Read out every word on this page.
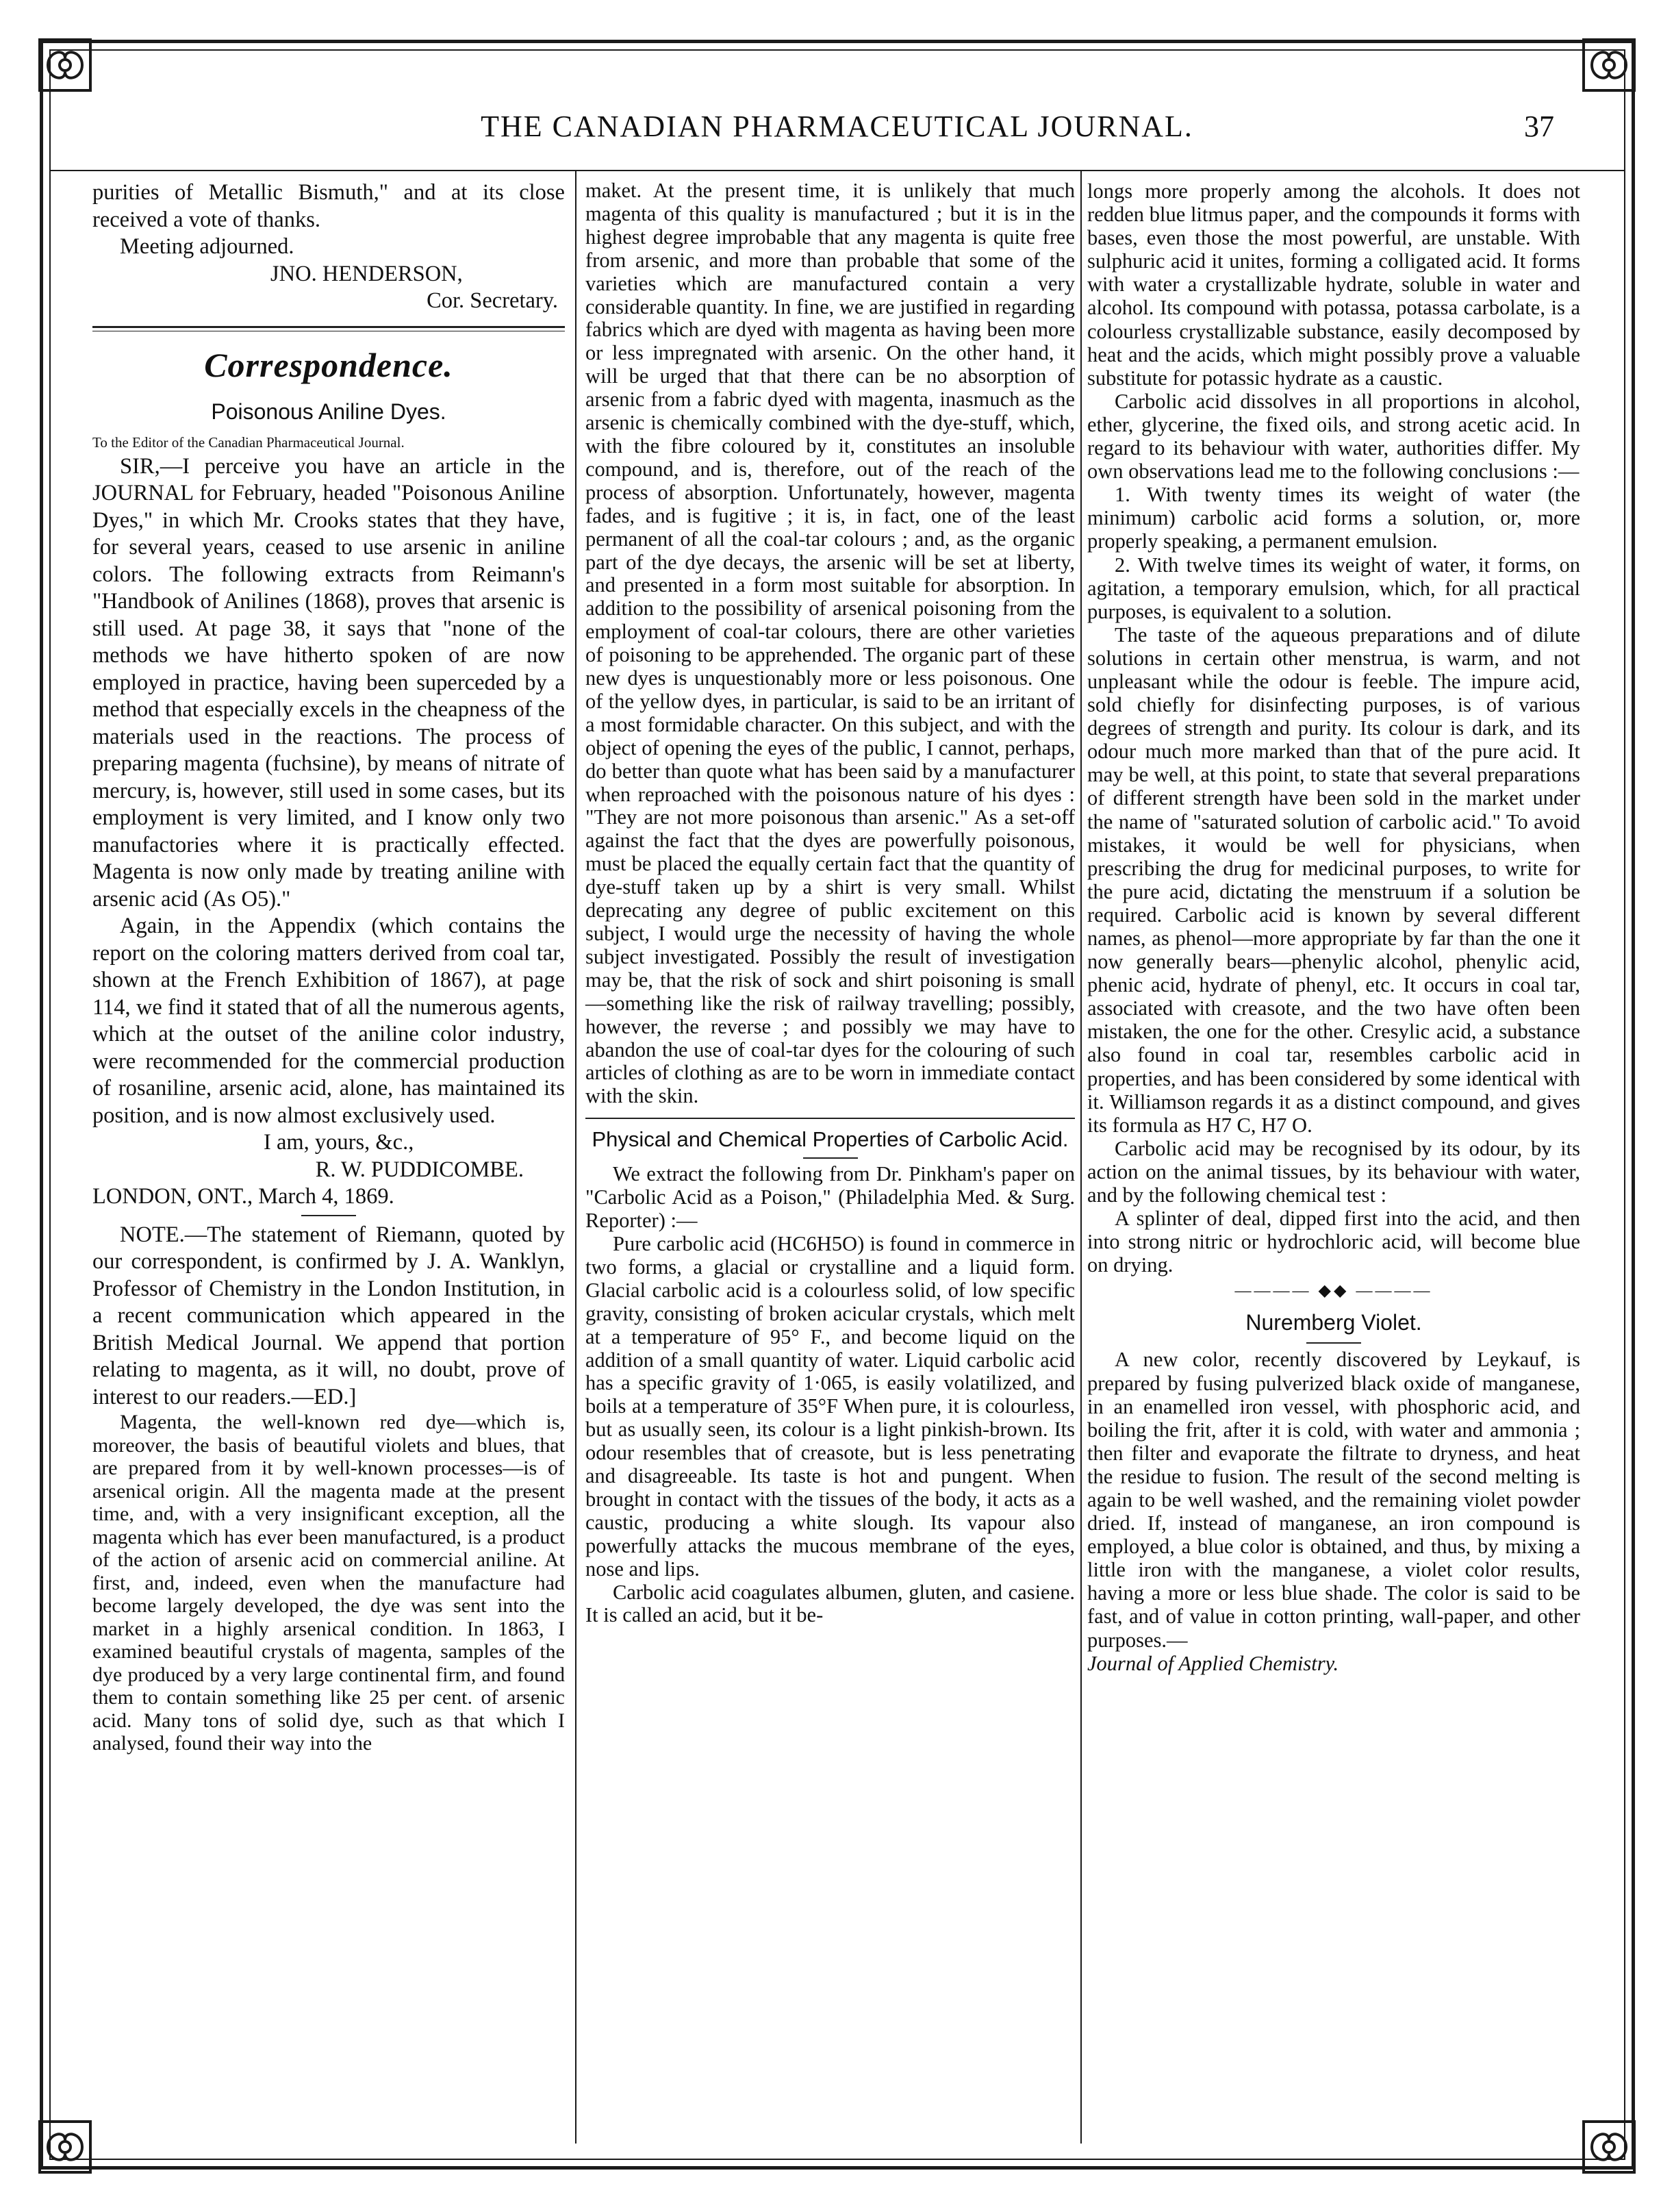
THE CANADIAN PHARMACEUTICAL JOURNAL.	37

purities of Metallic Bismuth," and at its close received a vote of thanks.

Meeting adjourned.

JNO. HENDERSON,

Cor. Secretary.

Correspondence.
Poisonous Aniline Dyes.

To the Editor of the Canadian Pharmaceutical Journal.

SIR,—I perceive you have an article in the JOURNAL for February, headed "Poisonous Aniline Dyes," in which Mr. Crooks states that they have, for several years, ceased to use arsenic in aniline colors. The following extracts from Reimann's "Handbook of Anilines (1868), proves that arsenic is still used. At page 38, it says that "none of the methods we have hitherto spoken of are now employed in practice, having been superceded by a method that especially excels in the cheapness of the materials used in the reactions. The process of preparing magenta (fuchsine), by means of nitrate of mercury, is, however, still used in some cases, but its employment is very limited, and I know only two manufactories where it is practically effected. Magenta is now only made by treating aniline with arsenic acid (As O5)."

Again, in the Appendix (which contains the report on the coloring matters derived from coal tar, shown at the French Exhibition of 1867), at page 114, we find it stated that of all the numerous agents, which at the outset of the aniline color industry, were recommended for the commercial production of rosaniline, arsenic acid, alone, has maintained its position, and is now almost exclusively used.

I am, yours, &c.,

R. W. PUDDICOMBE.

LONDON, ONT., March 4, 1869.

NOTE.—The statement of Riemann, quoted by our correspondent, is confirmed by J. A. Wanklyn, Professor of Chemistry in the London Institution, in a recent communication which appeared in the British Medical Journal. We append that portion relating to magenta, as it will, no doubt, prove of interest to our readers.—ED.]

Magenta, the well-known red dye—which is, moreover, the basis of beautiful violets and blues, that are prepared from it by well-known processes—is of arsenical origin. All the magenta made at the present time, and, with a very insignificant exception, all the magenta which has ever been manufactured, is a product of the action of arsenic acid on commercial aniline. At first, and, indeed, even when the manufacture had become largely developed, the dye was sent into the market in a highly arsenical condition. In 1863, I examined beautiful crystals of magenta, samples of the dye produced by a very large continental firm, and found them to contain something like 25 per cent. of arsenic acid. Many tons of solid dye, such as that which I analysed, found their way into the

maket. At the present time, it is unlikely that much magenta of this quality is manufactured ; but it is in the highest degree improbable that any magenta is quite free from arsenic, and more than probable that some of the varieties which are manufactured contain a very considerable quantity. In fine, we are justified in regarding fabrics which are dyed with magenta as having been more or less impregnated with arsenic. On the other hand, it will be urged that that there can be no absorption of arsenic from a fabric dyed with magenta, inasmuch as the arsenic is chemically combined with the dye-stuff, which, with the fibre coloured by it, constitutes an insoluble compound, and is, therefore, out of the reach of the process of absorption. Unfortunately, however, magenta fades, and is fugitive ; it is, in fact, one of the least permanent of all the coal-tar colours ; and, as the organic part of the dye decays, the arsenic will be set at liberty, and presented in a form most suitable for absorption. In addition to the possibility of arsenical poisoning from the employment of coal-tar colours, there are other varieties of poisoning to be apprehended. The organic part of these new dyes is unquestionably more or less poisonous. One of the yellow dyes, in particular, is said to be an irritant of a most formidable character. On this subject, and with the object of opening the eyes of the public, I cannot, perhaps, do better than quote what has been said by a manufacturer when reproached with the poisonous nature of his dyes : "They are not more poisonous than arsenic." As a set-off against the fact that the dyes are powerfully poisonous, must be placed the equally certain fact that the quantity of dye-stuff taken up by a shirt is very small. Whilst deprecating any degree of public excitement on this subject, I would urge the necessity of having the whole subject investigated. Possibly the result of investigation may be, that the risk of sock and shirt poisoning is small—something like the risk of railway travelling; possibly, however, the reverse ; and possibly we may have to abandon the use of coal-tar dyes for the colouring of such articles of clothing as are to be worn in immediate contact with the skin.

Physical and Chemical Properties of Carbolic Acid.

We extract the following from Dr. Pinkham's paper on "Carbolic Acid as a Poison," (Philadelphia Med. & Surg. Reporter) :—

Pure carbolic acid (HC6H5O) is found in commerce in two forms, a glacial or crystalline and a liquid form. Glacial carbolic acid is a colourless solid, of low specific gravity, consisting of broken acicular crystals, which melt at a temperature of 95° F., and become liquid on the addition of a small quantity of water. Liquid carbolic acid has a specific gravity of 1·065, is easily volatilized, and boils at a temperature of 35°F When pure, it is colourless, but as usually seen, its colour is a light pinkish-brown. Its odour resembles that of creasote, but is less penetrating and disagreeable. Its taste is hot and pungent. When brought in contact with the tissues of the body, it acts as a caustic, producing a white slough. Its vapour also powerfully attacks the mucous membrane of the eyes, nose and lips.

Carbolic acid coagulates albumen, gluten, and casiene. It is called an acid, but it be-

longs more properly among the alcohols. It does not redden blue litmus paper, and the compounds it forms with bases, even those the most powerful, are unstable. With sulphuric acid it unites, forming a colligated acid. It forms with water a crystallizable hydrate, soluble in water and alcohol. Its compound with potassa, potassa carbolate, is a colourless crystallizable substance, easily decomposed by heat and the acids, which might possibly prove a valuable substitute for potassic hydrate as a caustic.

Carbolic acid dissolves in all proportions in alcohol, ether, glycerine, the fixed oils, and strong acetic acid. In regard to its behaviour with water, authorities differ. My own observations lead me to the following conclusions :—

1. With twenty times its weight of water (the minimum) carbolic acid forms a solution, or, more properly speaking, a permanent emulsion.

2. With twelve times its weight of water, it forms, on agitation, a temporary emulsion, which, for all practical purposes, is equivalent to a solution.

The taste of the aqueous preparations and of dilute solutions in certain other menstrua, is warm, and not unpleasant while the odour is feeble. The impure acid, sold chiefly for disinfecting purposes, is of various degrees of strength and purity. Its colour is dark, and its odour much more marked than that of the pure acid. It may be well, at this point, to state that several preparations of different strength have been sold in the market under the name of "saturated solution of carbolic acid." To avoid mistakes, it would be well for physicians, when prescribing the drug for medicinal purposes, to write for the pure acid, dictating the menstruum if a solution be required. Carbolic acid is known by several different names, as phenol—more appropriate by far than the one it now generally bears—phenylic alcohol, phenylic acid, phenic acid, hydrate of phenyl, etc. It occurs in coal tar, associated with creasote, and the two have often been mistaken, the one for the other. Cresylic acid, a substance also found in coal tar, resembles carbolic acid in properties, and has been considered by some identical with it. Williamson regards it as a distinct compound, and gives its formula as H7 C, H7 O.

Carbolic acid may be recognised by its odour, by its action on the animal tissues, by its behaviour with water, and by the following chemical test :

A splinter of deal, dipped first into the acid, and then into strong nitric or hydrochloric acid, will become blue on drying.

———— ◆◆ ————
Nuremberg Violet.

A new color, recently discovered by Leykauf, is prepared by fusing pulverized black oxide of manganese, in an enamelled iron vessel, with phosphoric acid, and boiling the frit, after it is cold, with water and ammonia ; then filter and evaporate the filtrate to dryness, and heat the residue to fusion. The result of the second melting is again to be well washed, and the remaining violet powder dried. If, instead of manganese, an iron compound is employed, a blue color is obtained, and thus, by mixing a little iron with the manganese, a violet color results, having a more or less blue shade. The color is said to be fast, and of value in cotton printing, wall-paper, and other purposes.—

Journal of Applied Chemistry.
